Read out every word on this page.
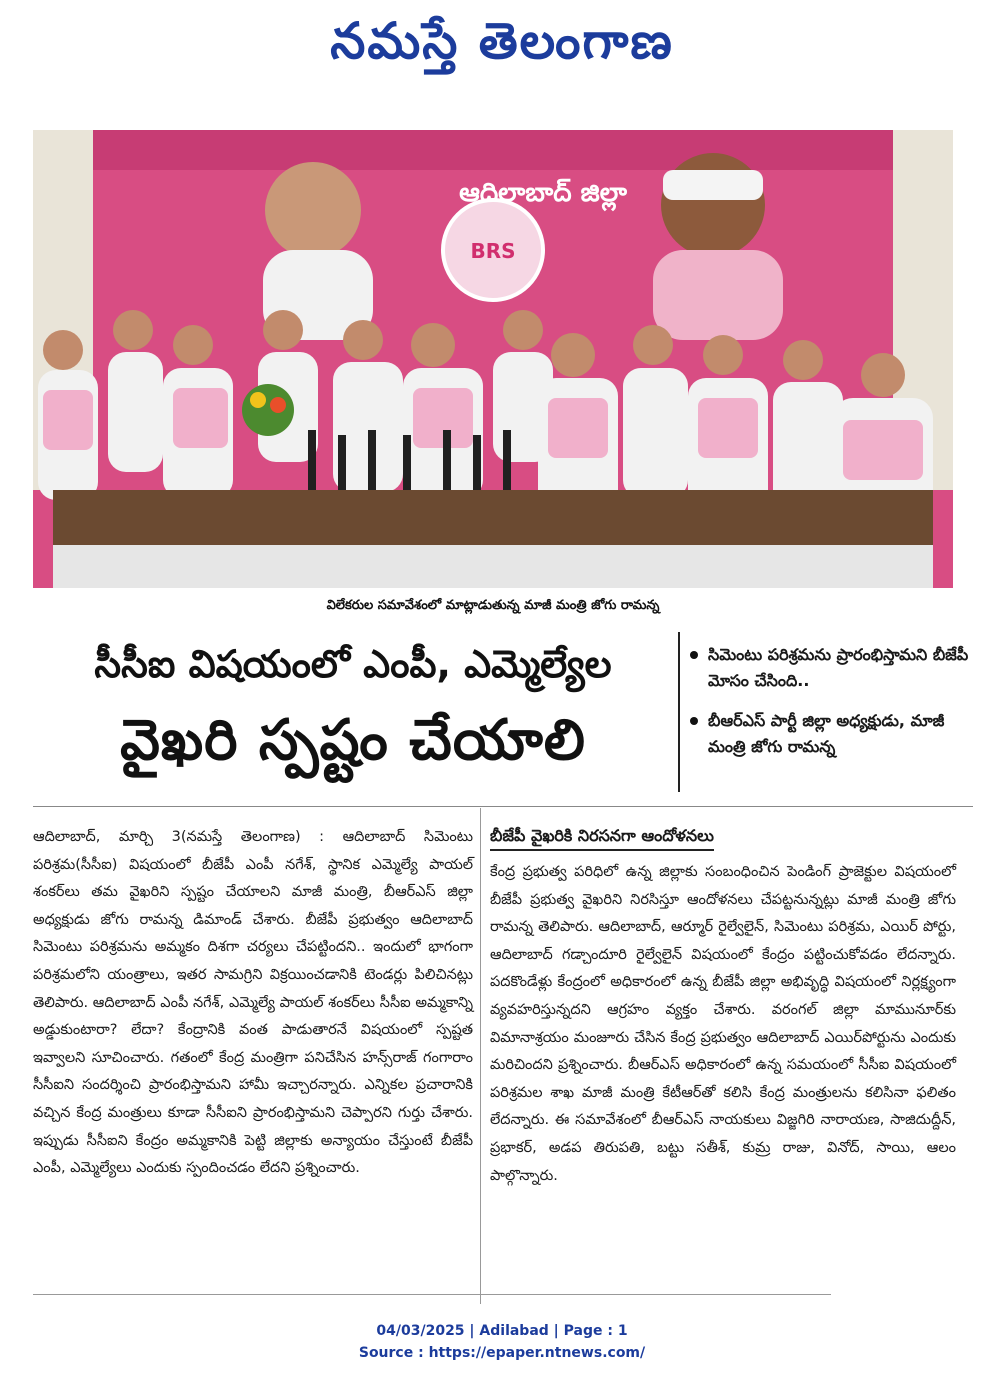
నమస్తే తెలంగాణ
BRS
ఆదిలాబాద్ జిల్లా
విలేకరుల సమావేశంలో మాట్లాడుతున్న మాజీ మంత్రి జోగు రామన్న
సీసీఐ విషయంలో ఎంపీ, ఎమ్మెల్యేల
వైఖరి స్పష్టం చేయాలి
సిమెంటు పరిశ్రమను ప్రారంభిస్తామని బీజేపీ మోసం చేసింది..
బీఆర్ఎస్ పార్టీ జిల్లా అధ్యక్షుడు, మాజీ మంత్రి జోగు రామన్న
ఆదిలాబాద్, మార్చి 3(నమస్తే తెలంగాణ) : ఆదిలాబాద్ సిమెంటు పరిశ్రమ(సీసీఐ) విషయంలో బీజేపీ ఎంపీ నగేశ్, స్థానిక ఎమ్మెల్యే పాయల్ శంకర్‌లు తమ వైఖరిని స్పష్టం చేయాలని మాజీ మంత్రి, బీఆర్ఎస్ జిల్లా అధ్యక్షుడు జోగు రామన్న డిమాండ్ చేశారు. బీజేపీ ప్రభుత్వం ఆదిలాబాద్ సిమెంటు పరిశ్రమను అమ్మకం దిశగా చర్యలు చేపట్టిందని.. ఇందులో భాగంగా పరిశ్రమలోని యంత్రాలు, ఇతర సామగ్రిని విక్రయించడానికి టెండర్లు పిలిచినట్లు తెలిపారు. ఆదిలాబాద్ ఎంపీ నగేశ్, ఎమ్మెల్యే పాయల్ శంకర్‌లు సీసీఐ అమ్మకాన్ని అడ్డుకుంటారా? లేదా? కేంద్రానికి వంత పాడుతారనే విషయంలో స్పష్టత ఇవ్వాలని సూచించారు. గతంలో కేంద్ర మంత్రిగా పనిచేసిన హన్స్‌రాజ్ గంగారాం సీసీఐని సందర్శించి ప్రారంభిస్తామని హామీ ఇచ్చారన్నారు. ఎన్నికల ప్రచారానికి వచ్చిన కేంద్ర మంత్రులు కూడా సీసీఐని ప్రారంభిస్తామని చెప్పారని గుర్తు చేశారు. ఇప్పుడు సీసీఐని కేంద్రం అమ్మకానికి పెట్టి జిల్లాకు అన్యాయం చేస్తుంటే బీజేపీ ఎంపీ, ఎమ్మెల్యేలు ఎందుకు స్పందించడం లేదని ప్రశ్నించారు.
బీజేపీ వైఖరికి నిరసనగా ఆందోళనలు
కేంద్ర ప్రభుత్వ పరిధిలో ఉన్న జిల్లాకు సంబంధించిన పెండింగ్ ప్రాజెక్టుల విషయంలో బీజేపీ ప్రభుత్వ వైఖరిని నిరసిస్తూ ఆందోళనలు చేపట్టనున్నట్లు మాజీ మంత్రి జోగు రామన్న తెలిపారు. ఆదిలాబాద్, ఆర్మూర్ రైల్వేలైన్, సిమెంటు పరిశ్రమ, ఎయిర్ పోర్టు, ఆదిలాబాద్ గడ్చాందూరి రైల్వేలైన్ విషయంలో కేంద్రం పట్టించుకోవడం లేదన్నారు. పదకొండేళ్లు కేంద్రంలో అధికారంలో ఉన్న బీజేపీ జిల్లా అభివృద్ధి విషయంలో నిర్లక్ష్యంగా వ్యవహరిస్తున్నదని ఆగ్రహం వ్యక్తం చేశారు. వరంగల్ జిల్లా మామునూర్‌కు విమానాశ్రయం మంజూరు చేసిన కేంద్ర ప్రభుత్వం ఆదిలాబాద్ ఎయిర్‌పోర్టును ఎందుకు మరిచిందని ప్రశ్నించారు. బీఆర్ఎస్ అధికారంలో ఉన్న సమయంలో సీసీఐ విషయంలో పరిశ్రమల శాఖ మాజీ మంత్రి కేటీఆర్‌తో కలిసి కేంద్ర మంత్రులను కలిసినా ఫలితం లేదన్నారు. ఈ సమావేశంలో బీఆర్ఎస్ నాయకులు విజ్జగిరి నారాయణ, సాజిదుద్దీన్, ప్రభాకర్, అడప తిరుపతి, బట్టు సతీశ్, కుమ్ర రాజు, వినోద్, సాయి, ఆలం పాల్గొన్నారు.
04/03/2025 | Adilabad | Page : 1
Source : https://epaper.ntnews.com/
